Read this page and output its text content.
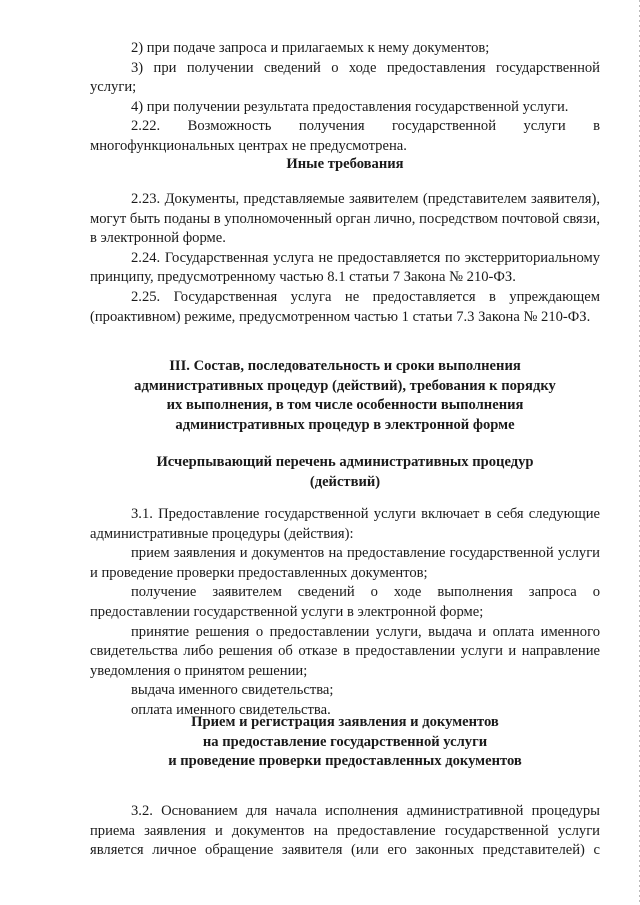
2) при подаче запроса и прилагаемых к нему документов;

3) при получении сведений о ходе предоставления государственной услуги;

4) при получении результата предоставления государственной услуги.

2.22. Возможность получения государственной услуги в многофункциональных центрах не предусмотрена.

Иные требования

2.23. Документы, представляемые заявителем (представителем заявителя), могут быть поданы в уполномоченный орган лично, посредством почтовой связи, в электронной форме.

2.24. Государственная услуга не предоставляется по экстерриториальному принципу, предусмотренному частью 8.1 статьи 7 Закона № 210-ФЗ.

2.25. Государственная услуга не предоставляется в упреждающем (проактивном) режиме, предусмотренном частью 1 статьи 7.3 Закона № 210-ФЗ.

III. Состав, последовательность и сроки выполнения

административных процедур (действий), требования к порядку

их выполнения, в том числе особенности выполнения

административных процедур в электронной форме

Исчерпывающий перечень административных процедур

(действий)

3.1. Предоставление государственной услуги включает в себя следующие административные процедуры (действия):

прием заявления и документов на предоставление государственной услуги и проведение проверки предоставленных документов;

получение заявителем сведений о ходе выполнения запроса о предоставлении государственной услуги в электронной форме;

принятие решения о предоставлении услуги, выдача и оплата именного свидетельства либо решения об отказе в предоставлении услуги и направление уведомления о принятом решении;

выдача именного свидетельства;

оплата именного свидетельства.

Прием и регистрация заявления и документов

на предоставление государственной услуги

и проведение проверки предоставленных документов

3.2. Основанием для начала исполнения административной процедуры приема заявления и документов на предоставление государственной услуги является личное обращение заявителя (или его законных представителей) с
